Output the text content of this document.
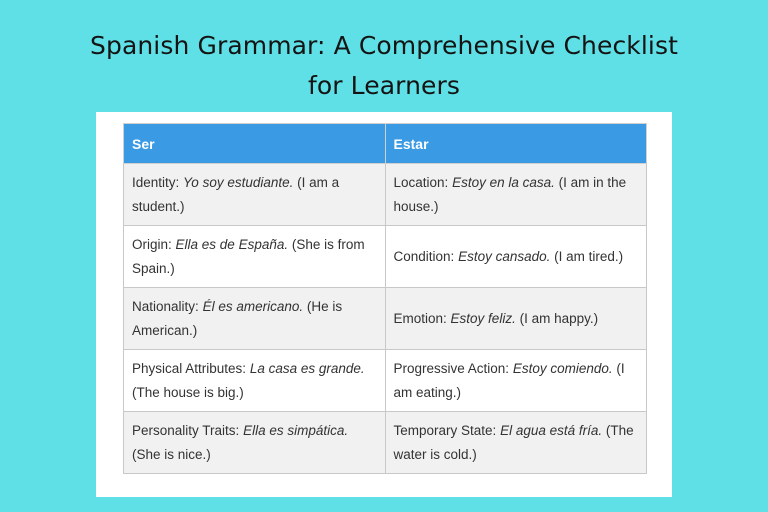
Spanish Grammar: A Comprehensive Checklist
for Learners
Ser	Estar
Identity: Yo soy estudiante. (I am a student.)	Location: Estoy en la casa. (I am in the house.)
Origin: Ella es de España. (She is from Spain.)	Condition: Estoy cansado. (I am tired.)
Nationality: Él es americano. (He is American.)	Emotion: Estoy feliz. (I am happy.)
Physical Attributes: La casa es grande. (The house is big.)	Progressive Action: Estoy comiendo. (I am eating.)
Personality Traits: Ella es simpática. (She is nice.)	Temporary State: El agua está fría. (The water is cold.)
